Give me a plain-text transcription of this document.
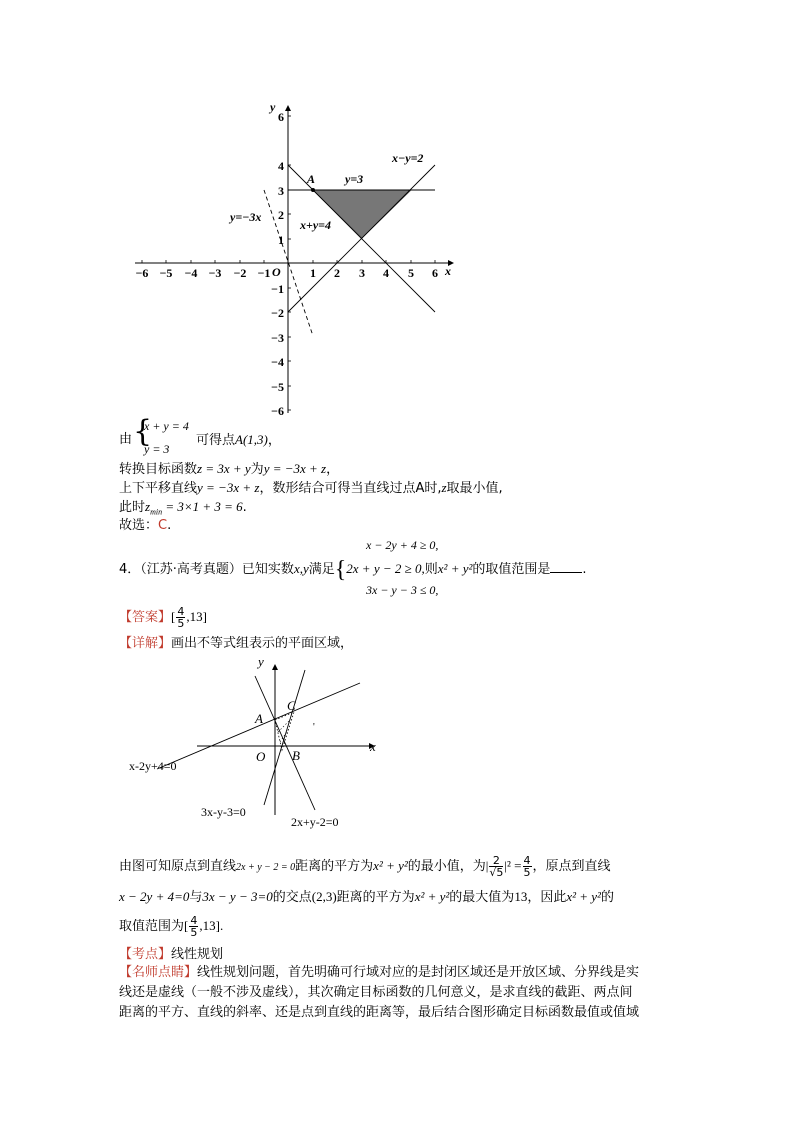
−6 −5 −4 −3 −2 −1	1 2 3 4 5 6
6
4
3
2
1
−1
−2
−3
−4
−5
−6
x
y
O
A y=3
x−y=2
y=−3x
x+y=4
由 {
x + y = 4
y = 3
可得点A(1,3)，
转换目标函数z = 3x + y为y = −3x + z，
上下平移直线y = −3x + z，数形结合可得当直线过点A时,z取最小值,
此时$z_{min} = 3\times 1 + 3 = 6$.
故选：C.
x − 2y + 4 ≥ 0,
4．（江苏·高考真题）已知实数x,y满足{2x + y − 2 ≥ 0,则x² + y²的取值范围是 .
3x − y − 3 ≤ 0,
【答案】[ $\frac{4}{5} ,13$]
【详解】画出不等式组表示的平面区域，
x
y
O
A
B
C
'
x-2y+4=0
3x-y-3=0
2x+y-2=0
由图可知原点到直线2x + y − 2 = 0距离的平方为x² + y²的最小值，为| $\frac{2}{√5} |^2 = \frac{4}{5}$ ，原点到直线
x − 2y + 4=0与3x − y − 3=0的交点(2,3)距离的平方为x² + y²的最大值为13，因此x² + y²的
取值范围为[ $\frac{4}{5} ,13$].
【考点】线性规划
【名师点睛】线性规划问题，首先明确可行域对应的是封闭区域还是开放区域、分界线是实
线还是虚线（一般不涉及虚线），其次确定目标函数的几何意义，是求直线的截距、两点间
距离的平方、直线的斜率、还是点到直线的距离等，最后结合图形确定目标函数最值或值域
